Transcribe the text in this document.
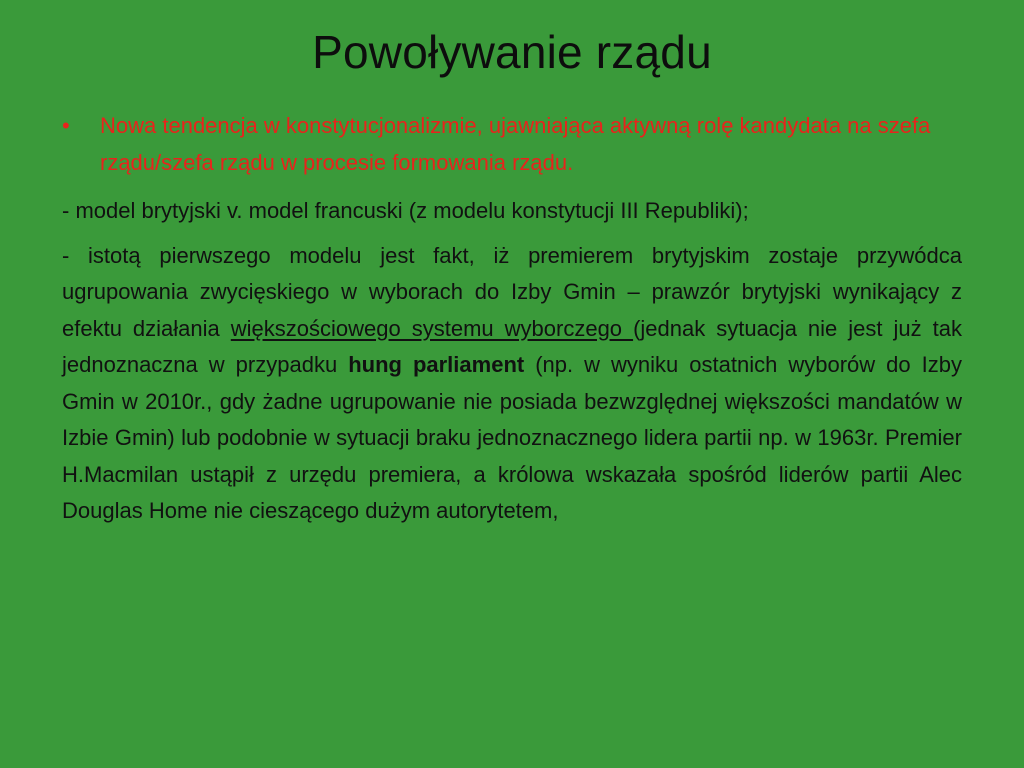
Powoływanie rządu
• Nowa tendencja w konstytucjonalizmie, ujawniająca aktywną rolę kandydata na szefa rządu/szefa rządu w procesie formowania rządu.
- model brytyjski v. model francuski (z modelu konstytucji III Republiki);
- istotą pierwszego modelu jest fakt, iż premierem brytyjskim zostaje przywódca ugrupowania zwycięskiego w wyborach do Izby Gmin – prawzór brytyjski wynikający z efektu działania większościowego systemu wyborczego (jednak sytuacja nie jest już tak jednoznaczna w przypadku hung parliament (np. w wyniku ostatnich wyborów do Izby Gmin w 2010r., gdy żadne ugrupowanie nie posiada bezwzględnej większości mandatów w Izbie Gmin) lub podobnie w sytuacji braku jednoznacznego lidera partii np. w 1963r. Premier H.Macmilan ustąpił z urzędu premiera, a królowa wskazała spośród liderów partii Alec Douglas Home nie cieszącego dużym autorytetem,
